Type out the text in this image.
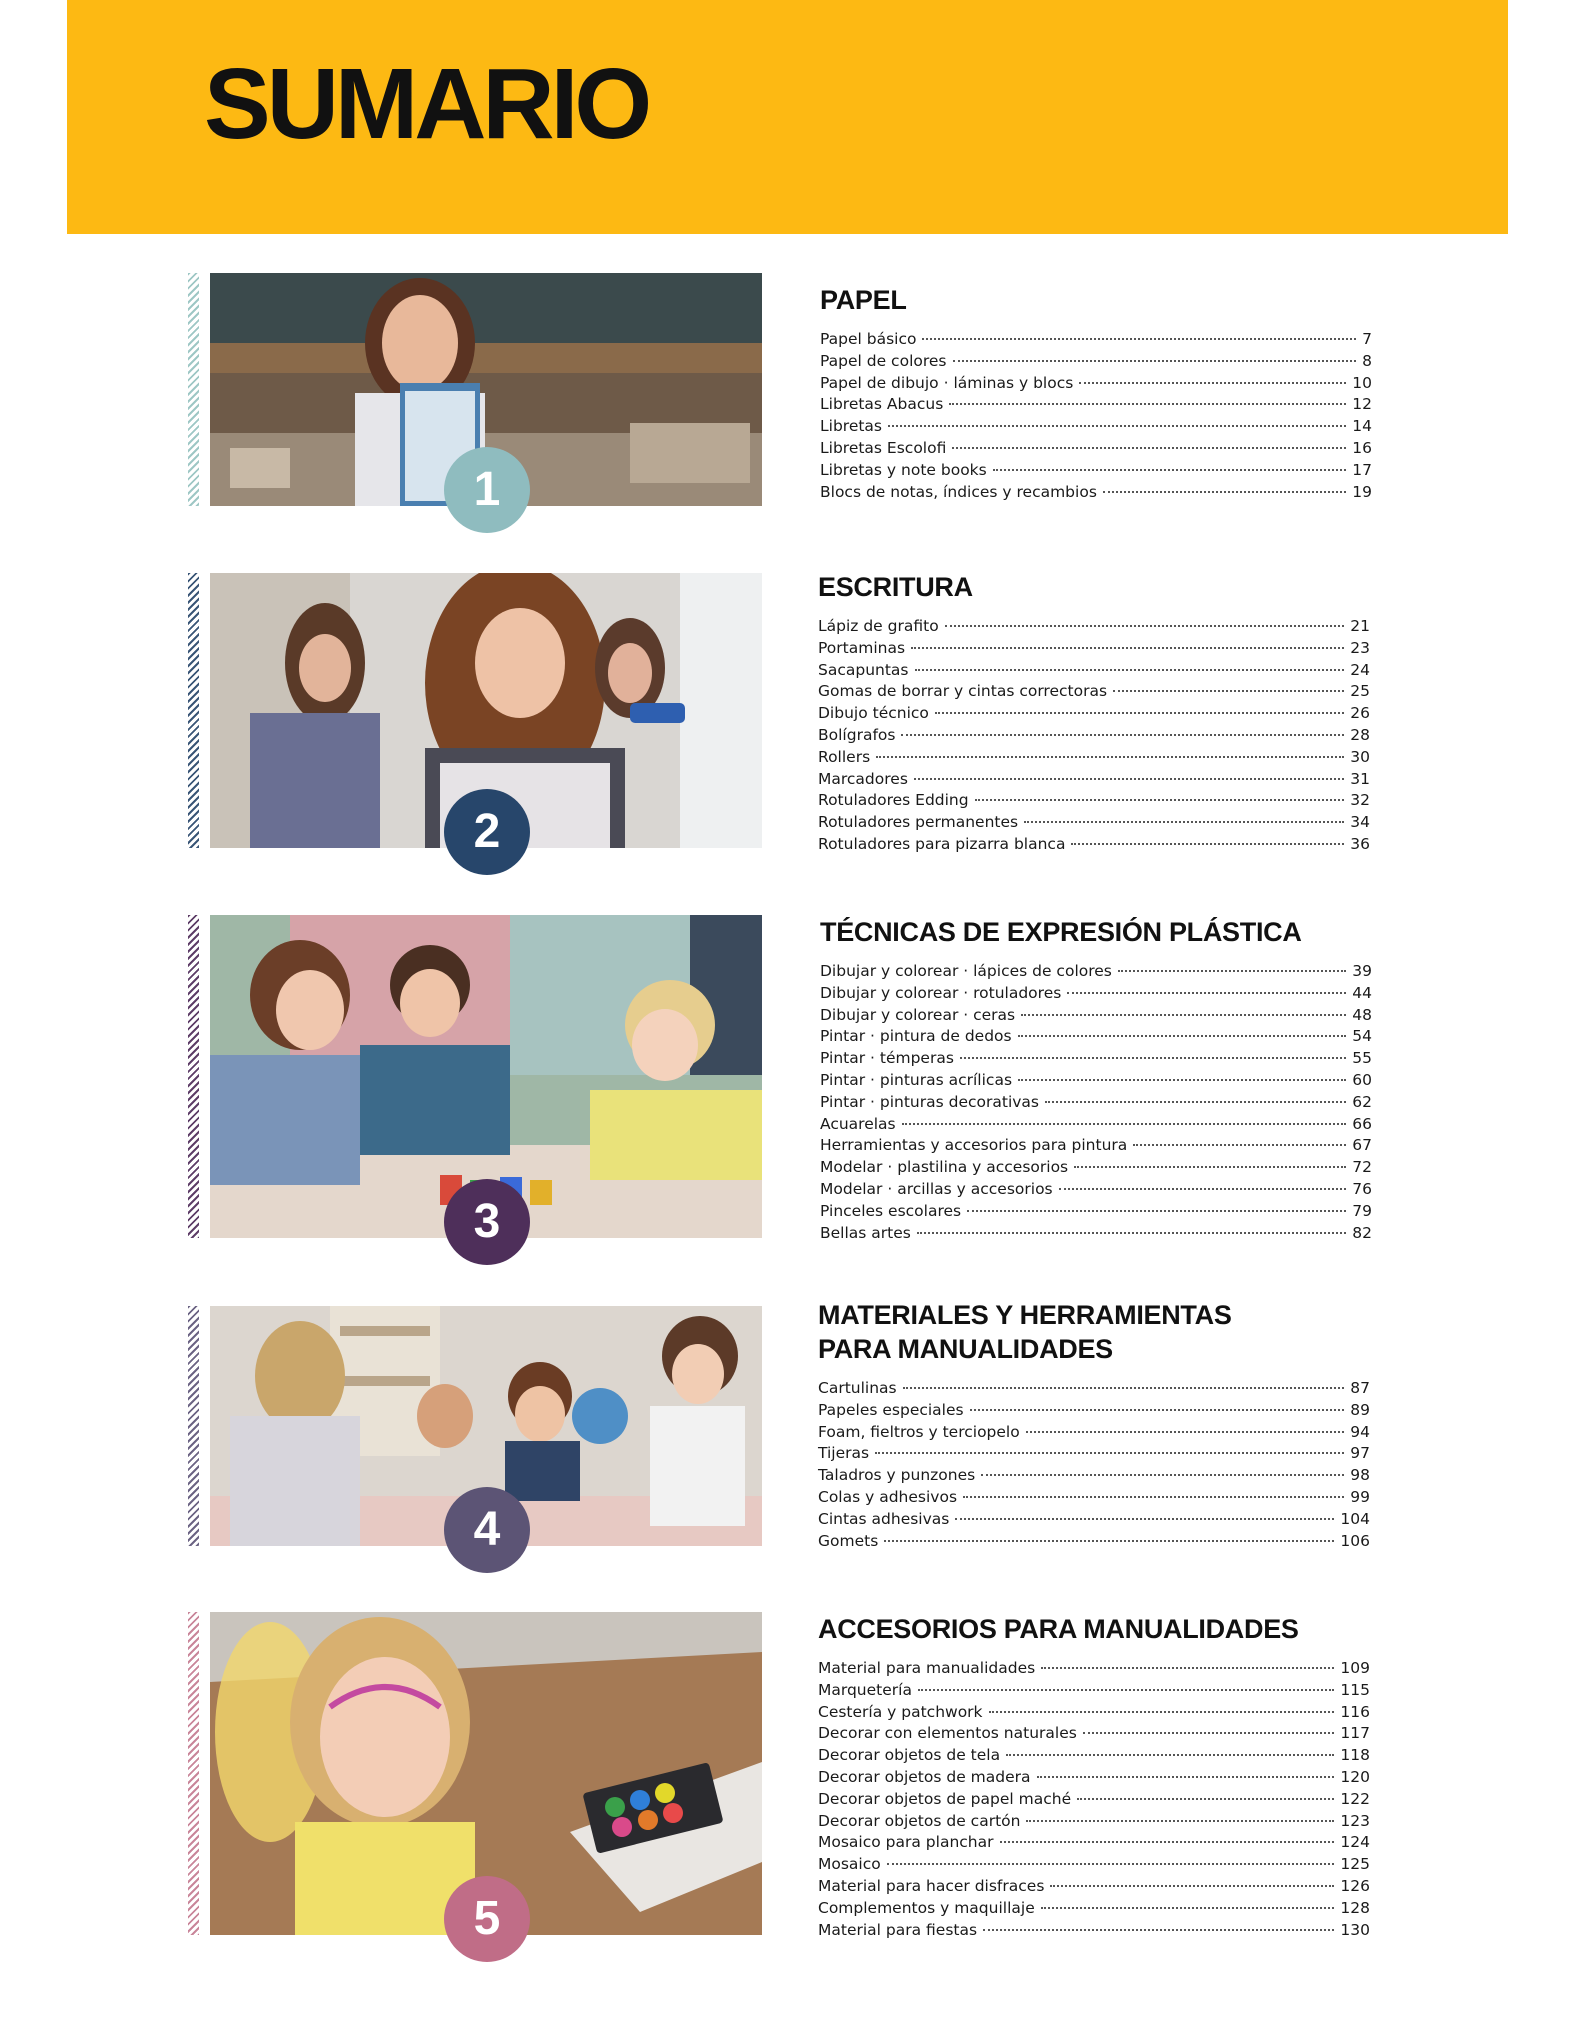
SUMARIO
1
PAPEL
Papel básico	7
Papel de colores	8
Papel de dibujo · láminas y blocs	10
Libretas Abacus	12
Libretas	14
Libretas Escolofi	16
Libretas y note books	17
Blocs de notas, índices y recambios	19
2
ESCRITURA
Lápiz de grafito	21
Portaminas	23
Sacapuntas	24
Gomas de borrar y cintas correctoras	25
Dibujo técnico	26
Bolígrafos	28
Rollers	30
Marcadores	31
Rotuladores Edding	32
Rotuladores permanentes	34
Rotuladores para pizarra blanca	36
3
TÉCNICAS DE EXPRESIÓN PLÁSTICA
Dibujar y colorear · lápices de colores	39
Dibujar y colorear · rotuladores	44
Dibujar y colorear · ceras	48
Pintar · pintura de dedos	54
Pintar · témperas	55
Pintar · pinturas acrílicas	60
Pintar · pinturas decorativas	62
Acuarelas	66
Herramientas y accesorios para pintura	67
Modelar · plastilina y accesorios	72
Modelar · arcillas y accesorios	76
Pinceles escolares	79
Bellas artes	82
4
MATERIALES Y HERRAMIENTAS
PARA MANUALIDADES
Cartulinas	87
Papeles especiales	89
Foam, fieltros y terciopelo	94
Tijeras	97
Taladros y punzones	98
Colas y adhesivos	99
Cintas adhesivas	104
Gomets	106
5
ACCESORIOS PARA MANUALIDADES
Material para manualidades	109
Marquetería	115
Cestería y patchwork	116
Decorar con elementos naturales	117
Decorar objetos de tela	118
Decorar objetos de madera	120
Decorar objetos de papel maché	122
Decorar objetos de cartón	123
Mosaico para planchar	124
Mosaico	125
Material para hacer disfraces	126
Complementos y maquillaje	128
Material para fiestas	130
